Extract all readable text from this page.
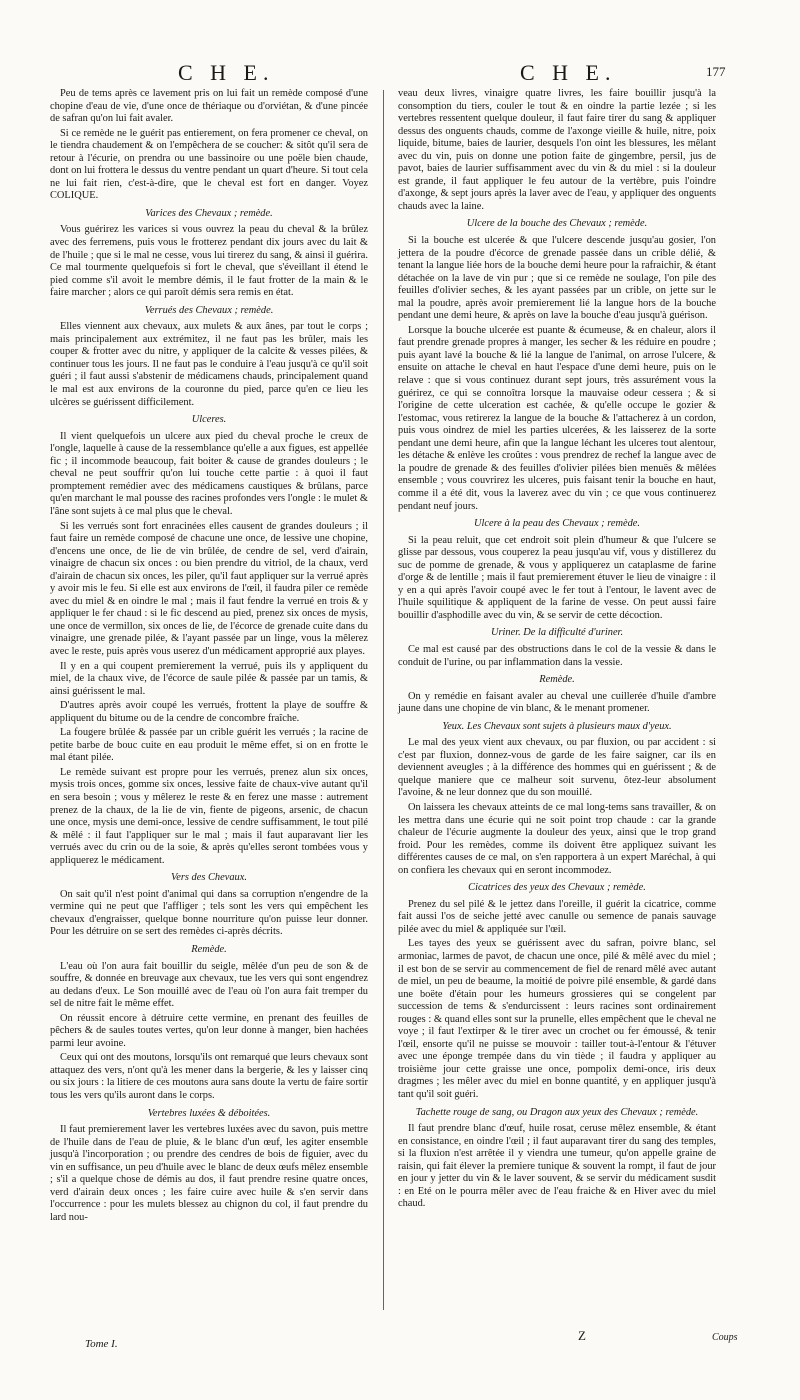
C H E.	C H E.	177

Peu de tems après ce lavement pris on lui fait un remède composé d'une chopine d'eau de vie, d'une once de thériaque ou d'orviétan, & d'une pincée de safran qu'on lui fait avaler.

Si ce remède ne le guérit pas entierement, on fera promener ce cheval, on le tiendra chaudement & on l'empêchera de se coucher: & sitôt qu'il sera de retour à l'écurie, on prendra ou une bassinoire ou une poële bien chaude, dont on lui frottera le dessus du ventre pendant un quart d'heure. Si tout cela ne lui fait rien, c'est-à-dire, que le cheval est fort en danger. Voyez COLIQUE.

Varices des Chevaux ; remède.

Vous guérirez les varices si vous ouvrez la peau du cheval & la brûlez avec des ferremens, puis vous le frotterez pendant dix jours avec du lait & de l'huile ; que si le mal ne cesse, vous lui tirerez du sang, & ainsi il guérira. Ce mal tourmente quelquefois si fort le cheval, que s'éveillant il étend le pied comme s'il avoit le membre démis, il le faut frotter de la main & le faire marcher ; alors ce qui paroît démis sera remis en état.

Verrués des Chevaux ; remède.

Elles viennent aux chevaux, aux mulets & aux ânes, par tout le corps ; mais principalement aux extrémitez, il ne faut pas les brûler, mais les couper & frotter avec du nitre, y appliquer de la calcite & vesses pilées, & continuer tous les jours. Il ne faut pas le conduire à l'eau jusqu'à ce qu'il soit guéri ; il faut aussi s'abstenir de médicamens chauds, principalement quand le mal est aux environs de la couronne du pied, parce qu'en ce lieu les ulcères se guérissent difficilement.

Ulceres.

Il vient quelquefois un ulcere aux pied du cheval proche le creux de l'ongle, laquelle à cause de la ressemblance qu'elle a aux figues, est appellée fic ; il incommode beaucoup, fait boiter & cause de grandes douleurs ; le cheval ne peut souffrir qu'on lui touche cette partie : à quoi il faut promptement remédier avec des médicamens caustiques & brûlans, parce qu'en marchant le mal pousse des racines profondes vers l'ongle : le mulet & l'âne sont sujets à ce mal plus que le cheval.

Si les verrués sont fort enracinées elles causent de grandes douleurs ; il faut faire un remède composé de chacune une once, de lessive une chopine, d'encens une once, de lie de vin brûlée, de cendre de sel, verd d'airain, vinaigre de chacun six onces : ou bien prendre du vitriol, de la chaux, verd d'airain de chacun six onces, les piler, qu'il faut appliquer sur la verrué après y avoir mis le feu. Si elle est aux environs de l'œil, il faudra piler ce remède avec du miel & en oindre le mal ; mais il faut fendre la verrué en trois & y appliquer le fer chaud : si le fic descend au pied, prenez six onces de mysis, une once de vermillon, six onces de lie, de l'écorce de grenade cuite dans du vinaigre, une grenade pilée, & l'ayant passée par un linge, vous la mêlerez avec le reste, puis après vous userez d'un médicament approprié aux playes.

Il y en a qui coupent premierement la verrué, puis ils y appliquent du miel, de la chaux vive, de l'écorce de saule pilée & passée par un tamis, & ainsi guérissent le mal.

D'autres après avoir coupé les verrués, frottent la playe de souffre & appliquent du bitume ou de la cendre de concombre fraîche.

La fougere brûlée & passée par un crible guérit les verrués ; la racine de petite barbe de bouc cuite en eau produit le même effet, si on en frotte le mal étant pilée.

Le remède suivant est propre pour les verrués, prenez alun six onces, mysis trois onces, gomme six onces, lessive faite de chaux-vive autant qu'il en sera besoin ; vous y mêlerez le reste & en ferez une masse : autrement prenez de la chaux, de la lie de vin, fiente de pigeons, arsenic, de chacun une once, mysis une demi-once, lessive de cendre suffisamment, le tout pilé & mêlé : il faut l'appliquer sur le mal ; mais il faut auparavant lier les verrués avec du crin ou de la soie, & après qu'elles seront tombées vous y appliquerez le médicament.

Vers des Chevaux.

On sait qu'il n'est point d'animal qui dans sa corruption n'engendre de la vermine qui ne peut que l'affliger ; tels sont les vers qui empêchent les chevaux d'engraisser, quelque bonne nourriture qu'on puisse leur donner. Pour les détruire on se sert des remèdes ci-après décrits.

Remède.

L'eau où l'on aura fait bouillir du seigle, mêlée d'un peu de son & de souffre, & donnée en breuvage aux chevaux, tue les vers qui sont engendrez au dedans d'eux. Le Son mouillé avec de l'eau où l'on aura fait tremper du sel de nitre fait le même effet.

On réussit encore à détruire cette vermine, en prenant des feuilles de pêchers & de saules toutes vertes, qu'on leur donne à manger, bien hachées parmi leur avoine.

Ceux qui ont des moutons, lorsqu'ils ont remarqué que leurs chevaux sont attaquez des vers, n'ont qu'à les mener dans la bergerie, & les y laisser cinq ou six jours : la litiere de ces moutons aura sans doute la vertu de faire sortir tous les vers qu'ils auront dans le corps.

Vertebres luxées & déboitées.

Il faut premierement laver les vertebres luxées avec du savon, puis mettre de l'huile dans de l'eau de pluie, & le blanc d'un œuf, les agiter ensemble jusqu'à l'incorporation ; ou prendre des cendres de bois de figuier, avec du vin en suffisance, un peu d'huile avec le blanc de deux œufs mêlez ensemble ; s'il a quelque chose de démis au dos, il faut prendre resine quatre onces, verd d'airain deux onces ; les faire cuire avec huile & s'en servir dans l'occurrence : pour les mulets blessez au chignon du col, il faut prendre du lard nou-

veau deux livres, vinaigre quatre livres, les faire bouillir jusqu'à la consomption du tiers, couler le tout & en oindre la partie lezée ; si les vertebres ressentent quelque douleur, il faut faire tirer du sang & appliquer dessus des onguents chauds, comme de l'axonge vieille & huile, nitre, poix liquide, bitume, baies de laurier, desquels l'on oint les blessures, les mêlant avec du vin, puis on donne une potion faite de gingembre, persil, jus de pavot, baies de laurier suffisamment avec du vin & du miel : si la douleur est grande, il faut appliquer le feu autour de la vertèbre, puis l'oindre d'axonge, & sept jours après la laver avec de l'eau, y appliquer des onguents chauds avec la laine.

Ulcere de la bouche des Chevaux ; remède.

Si la bouche est ulcerée & que l'ulcere descende jusqu'au gosier, l'on jettera de la poudre d'écorce de grenade passée dans un crible délié, & tenant la langue liée hors de la bouche demi heure pour la rafraichir, & étant détachée on la lave de vin pur ; que si ce remède ne soulage, l'on pile des feuilles d'olivier seches, & les ayant passées par un crible, on jette sur le mal la poudre, après avoir premierement lié la langue hors de la bouche pendant une demi heure, & après on lave la bouche d'eau jusqu'à guérison.

Lorsque la bouche ulcerée est puante & écumeuse, & en chaleur, alors il faut prendre grenade propres à manger, les secher & les réduire en poudre ; puis ayant lavé la bouche & lié la langue de l'animal, on arrose l'ulcere, & ensuite on attache le cheval en haut l'espace d'une demi heure, puis on le relave : que si vous continuez durant sept jours, très assurément vous la guérirez, ce qui se connoîtra lorsque la mauvaise odeur cessera ; & si l'origine de cette ulceration est cachée, & qu'elle occupe le gozier & l'estomac, vous retirerez la langue de la bouche & l'attacherez à un cordon, puis vous oindrez de miel les parties ulcerées, & les laisserez de la sorte pendant une demi heure, afin que la langue léchant les ulceres tout alentour, les détache & enlève les croûtes : vous prendrez de rechef la langue avec de la poudre de grenade & des feuilles d'olivier pilées bien menuës & mêlées ensemble ; vous couvrirez les ulceres, puis faisant tenir la bouche en haut, comme il a été dit, vous la laverez avec du vin ; ce que vous continuerez pendant neuf jours.

Ulcere à la peau des Chevaux ; remède.

Si la peau reluit, que cet endroit soit plein d'humeur & que l'ulcere se glisse par dessous, vous couperez la peau jusqu'au vif, vous y distillerez du suc de pomme de grenade, & vous y appliquerez un cataplasme de farine d'orge & de lentille ; mais il faut premierement étuver le lieu de vinaigre : il y en a qui après l'avoir coupé avec le fer tout à l'entour, le lavent avec de l'huile squilitique & appliquent de la farine de vesse. On peut aussi faire bouillir d'asphodille avec du vin, & se servir de cette décoction.

Uriner. De la difficulté d'uriner.

Ce mal est causé par des obstructions dans le col de la vessie & dans le conduit de l'urine, ou par inflammation dans la vessie.

Remède.

On y remédie en faisant avaler au cheval une cuillerée d'huile d'ambre jaune dans une chopine de vin blanc, & le menant promener.

Yeux. Les Chevaux sont sujets à plusieurs maux d'yeux.

Le mal des yeux vient aux chevaux, ou par fluxion, ou par accident : si c'est par fluxion, donnez-vous de garde de les faire saigner, car ils en deviennent aveugles ; à la différence des hommes qui en guérissent ; & de quelque maniere que ce malheur soit survenu, ôtez-leur absolument l'avoine, & ne leur donnez que du son mouillé.

On laissera les chevaux atteints de ce mal long-tems sans travailler, & on les mettra dans une écurie qui ne soit point trop chaude : car la grande chaleur de l'écurie augmente la douleur des yeux, ainsi que le trop grand froid. Pour les remèdes, comme ils doivent être appliquez suivant les différentes causes de ce mal, on s'en rapportera à un expert Maréchal, à qui on confiera les chevaux qui en seront incommodez.

Cicatrices des yeux des Chevaux ; remède.

Prenez du sel pilé & le jettez dans l'oreille, il guérit la cicatrice, comme fait aussi l'os de seiche jetté avec canulle ou semence de panais sauvage pilée avec du miel & appliquée sur l'œil.

Les tayes des yeux se guérissent avec du safran, poivre blanc, sel armoniac, larmes de pavot, de chacun une once, pilé & mêlé avec du miel ; il est bon de se servir au commencement de fiel de renard mêlé avec autant de miel, un peu de beaume, la moitié de poivre pilé ensemble, & gardé dans une boëte d'étain pour les humeurs grossieres qui se congelent par succession de tems & s'endurcissent : leurs racines sont ordinairement rouges : & quand elles sont sur la prunelle, elles empêchent que le cheval ne voye ; il faut l'extirper & le tirer avec un crochet ou fer émoussé, & tenir l'œil, ensorte qu'il ne puisse se mouvoir : tailler tout-à-l'entour & l'étuver avec une éponge trempée dans du vin tiède ; il faudra y appliquer au troisième jour cette graisse une once, pompolix demi-once, iris deux dragmes ; les mêler avec du miel en bonne quantité, y en appliquer jusqu'à tant qu'il soit guéri.

Tachette rouge de sang, ou Dragon aux yeux des Chevaux ; remède.

Il faut prendre blanc d'œuf, huile rosat, ceruse mêlez ensemble, & étant en consistance, en oindre l'œil ; il faut auparavant tirer du sang des temples, si la fluxion n'est arrêtée il y viendra une tumeur, qu'on appelle graine de raisin, qui fait élever la premiere tunique & souvent la rompt, il faut de jour en jour y jetter du vin & le laver souvent, & se servir du médicament susdit : en Eté on le pourra mêler avec de l'eau fraiche & en Hiver avec du miel chaud.

Tome I.
Z	Coups
